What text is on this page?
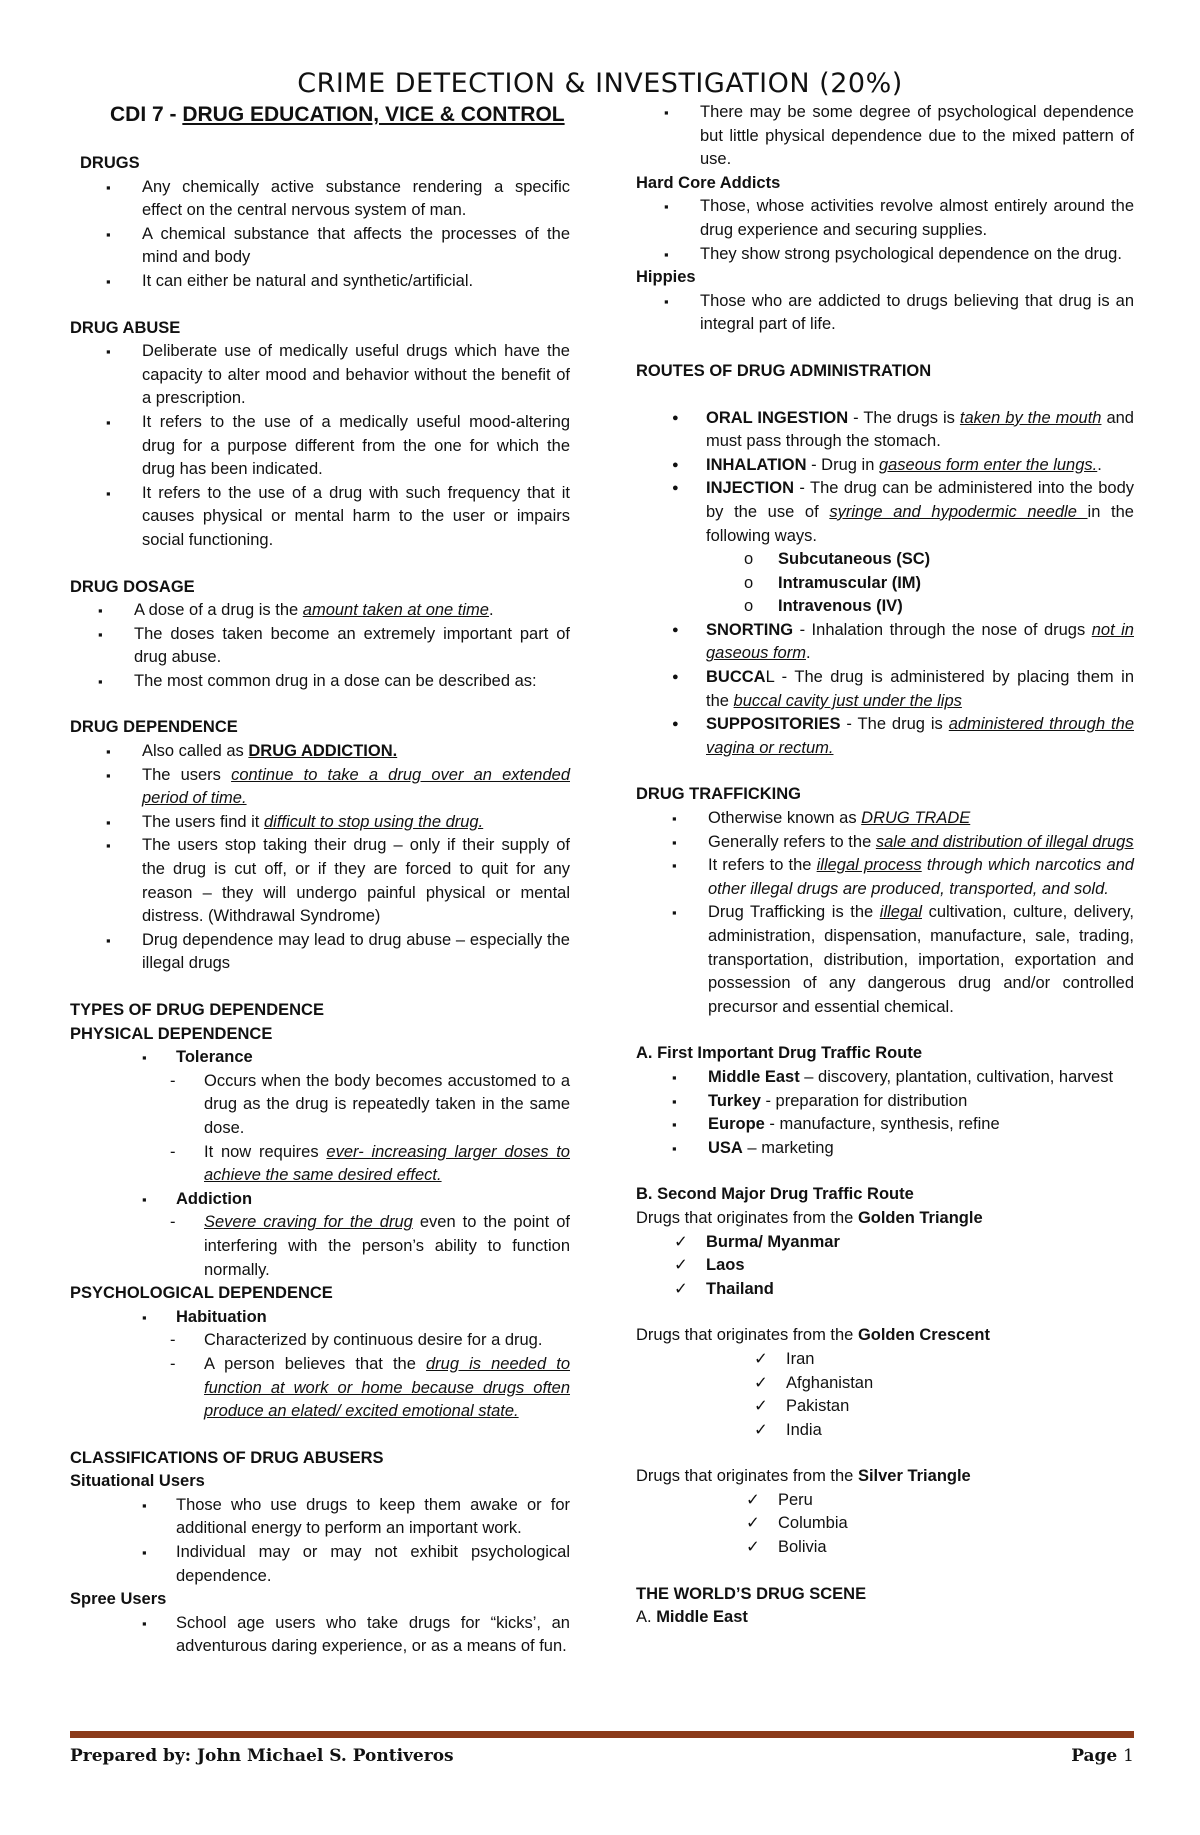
CRIME DETECTION & INVESTIGATION (20%)
CDI 7 - DRUG EDUCATION, VICE & CONTROL

DRUGS

▪ Any chemically active substance rendering a specific effect on the central nervous system of man.
▪ A chemical substance that affects the processes of the mind and body
▪ It can either be natural and synthetic/artificial.

DRUG ABUSE

▪ Deliberate use of medically useful drugs which have the capacity to alter mood and behavior without the benefit of a prescription.
▪ It refers to the use of a medically useful mood-altering drug for a purpose different from the one for which the drug has been indicated.
▪ It refers to the use of a drug with such frequency that it causes physical or mental harm to the user or impairs social functioning.

DRUG DOSAGE

▪ A dose of a drug is the amount taken at one time.
▪ The doses taken become an extremely important part of drug abuse.
▪ The most common drug in a dose can be described as:

DRUG DEPENDENCE

▪ Also called as DRUG ADDICTION.
▪ The users continue to take a drug over an extended period of time.
▪ The users find it difficult to stop using the drug.
▪ The users stop taking their drug – only if their supply of the drug is cut off, or if they are forced to quit for any reason – they will undergo painful physical or mental distress. (Withdrawal Syndrome)
▪ Drug dependence may lead to drug abuse – especially the illegal drugs

TYPES OF DRUG DEPENDENCE

PHYSICAL DEPENDENCE

▪ Tolerance
- Occurs when the body becomes accustomed to a drug as the drug is repeatedly taken in the same dose.
- It now requires ever- increasing larger doses to achieve the same desired effect.
▪ Addiction
- Severe craving for the drug even to the point of interfering with the person’s ability to function normally.

PSYCHOLOGICAL DEPENDENCE

▪ Habituation
- Characterized by continuous desire for a drug.
- A person believes that the drug is needed to function at work or home because drugs often produce an elated/ excited emotional state.

CLASSIFICATIONS OF DRUG ABUSERS

Situational Users

▪ Those who use drugs to keep them awake or for additional energy to perform an important work.
▪ Individual may or may not exhibit psychological dependence.

Spree Users

▪ School age users who take drugs for “kicks’, an adventurous daring experience, or as a means of fun.
▪ There may be some degree of psychological dependence but little physical dependence due to the mixed pattern of use.

Hard Core Addicts

▪ Those, whose activities revolve almost entirely around the drug experience and securing supplies.
▪ They show strong psychological dependence on the drug.

Hippies

▪ Those who are addicted to drugs believing that drug is an integral part of life.

ROUTES OF DRUG ADMINISTRATION

● ORAL INGESTION - The drugs is taken by the mouth and must pass through the stomach.
● INHALATION - Drug in gaseous form enter the lungs..
● INJECTION - The drug can be administered into the body by the use of syringe and hypodermic needle in the following ways.
o Subcutaneous (SC)
o Intramuscular (IM)
o Intravenous (IV)
● SNORTING - Inhalation through the nose of drugs not in gaseous form.
● BUCCAL - The drug is administered by placing them in the buccal cavity just under the lips
● SUPPOSITORIES - The drug is administered through the vagina or rectum.

DRUG TRAFFICKING

▪ Otherwise known as DRUG TRADE
▪ Generally refers to the sale and distribution of illegal drugs
▪ It refers to the illegal process through which narcotics and other illegal drugs are produced, transported, and sold.
▪ Drug Trafficking is the illegal cultivation, culture, delivery, administration, dispensation, manufacture, sale, trading, transportation, distribution, importation, exportation and possession of any dangerous drug and/or controlled precursor and essential chemical.

A. First Important Drug Traffic Route

▪ Middle East – discovery, plantation, cultivation, harvest
▪ Turkey - preparation for distribution
▪ Europe - manufacture, synthesis, refine
▪ USA – marketing

B. Second Major Drug Traffic Route

Drugs that originates from the Golden Triangle

✓ Burma/ Myanmar
✓ Laos
✓ Thailand

Drugs that originates from the Golden Crescent

✓ Iran
✓ Afghanistan
✓ Pakistan
✓ India

Drugs that originates from the Silver Triangle

✓ Peru
✓ Columbia
✓ Bolivia

THE WORLD’S DRUG SCENE

A. Middle East

Prepared by: John Michael S. Pontiveros	Page 1
